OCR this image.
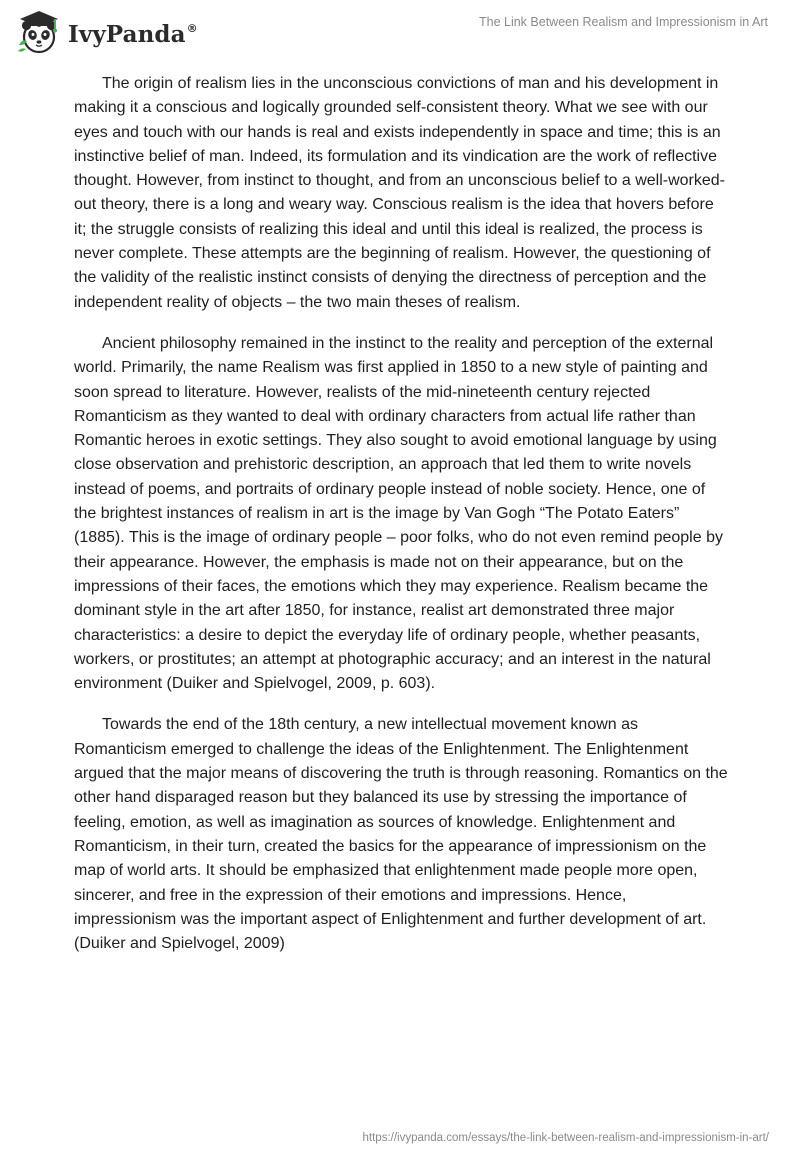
IvyPanda®	The Link Between Realism and Impressionism in Art

The origin of realism lies in the unconscious convictions of man and his development in making it a conscious and logically grounded self-consistent theory. What we see with our eyes and touch with our hands is real and exists independently in space and time; this is an instinctive belief of man. Indeed, its formulation and its vindication are the work of reflective thought. However, from instinct to thought, and from an unconscious belief to a well-worked-out theory, there is a long and weary way. Conscious realism is the idea that hovers before it; the struggle consists of realizing this ideal and until this ideal is realized, the process is never complete. These attempts are the beginning of realism. However, the questioning of the validity of the realistic instinct consists of denying the directness of perception and the independent reality of objects – the two main theses of realism.

Ancient philosophy remained in the instinct to the reality and perception of the external world. Primarily, the name Realism was first applied in 1850 to a new style of painting and soon spread to literature. However, realists of the mid-nineteenth century rejected Romanticism as they wanted to deal with ordinary characters from actual life rather than Romantic heroes in exotic settings. They also sought to avoid emotional language by using close observation and prehistoric description, an approach that led them to write novels instead of poems, and portraits of ordinary people instead of noble society. Hence, one of the brightest instances of realism in art is the image by Van Gogh “The Potato Eaters” (1885). This is the image of ordinary people – poor folks, who do not even remind people by their appearance. However, the emphasis is made not on their appearance, but on the impressions of their faces, the emotions which they may experience. Realism became the dominant style in the art after 1850, for instance, realist art demonstrated three major characteristics: a desire to depict the everyday life of ordinary people, whether peasants, workers, or prostitutes; an attempt at photographic accuracy; and an interest in the natural environment (Duiker and Spielvogel, 2009, p. 603).

Towards the end of the 18th century, a new intellectual movement known as Romanticism emerged to challenge the ideas of the Enlightenment. The Enlightenment argued that the major means of discovering the truth is through reasoning. Romantics on the other hand disparaged reason but they balanced its use by stressing the importance of feeling, emotion, as well as imagination as sources of knowledge. Enlightenment and Romanticism, in their turn, created the basics for the appearance of impressionism on the map of world arts. It should be emphasized that enlightenment made people more open, sincerer, and free in the expression of their emotions and impressions. Hence, impressionism was the important aspect of Enlightenment and further development of art. (Duiker and Spielvogel, 2009)

https://ivypanda.com/essays/the-link-between-realism-and-impressionism-in-art/
